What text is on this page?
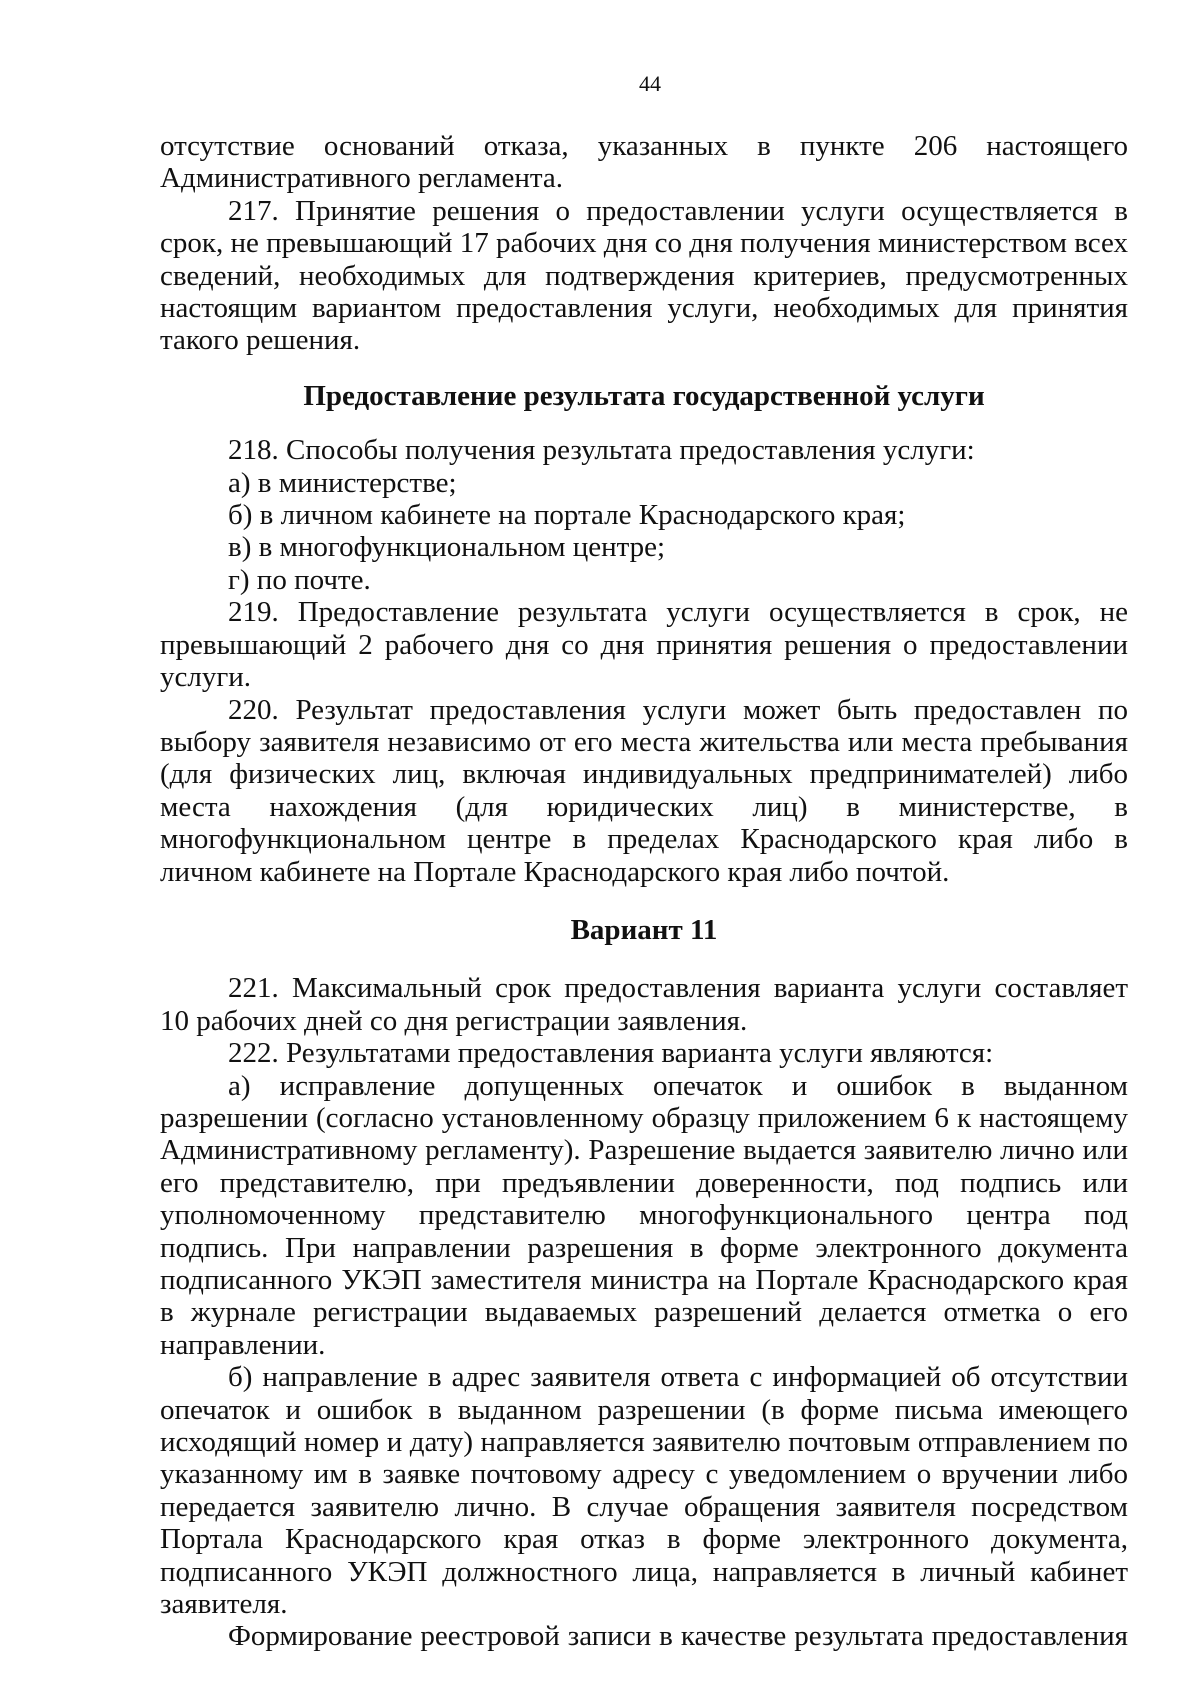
44

отсутствие оснований отказа, указанных в пункте 206 настоящего Административного регламента.

217. Принятие решения о предоставлении услуги осуществляется в срок, не превышающий 17 рабочих дня со дня получения министерством всех сведений, необходимых для подтверждения критериев, предусмотренных настоящим вариантом предоставления услуги, необходимых для принятия такого решения.

Предоставление результата государственной услуги

218. Способы получения результата предоставления услуги:

а) в министерстве;

б) в личном кабинете на портале Краснодарского края;

в) в многофункциональном центре;

г) по почте.

219. Предоставление результата услуги осуществляется в срок, не превышающий 2 рабочего дня со дня принятия решения о предоставлении услуги.

220. Результат предоставления услуги может быть предоставлен по выбору заявителя независимо от его места жительства или места пребывания (для физических лиц, включая индивидуальных предпринимателей) либо места нахождения (для юридических лиц) в министерстве, в многофункциональном центре в пределах Краснодарского края либо в личном кабинете на Портале Краснодарского края либо почтой.

Вариант 11

221. Максимальный срок предоставления варианта услуги составляет 10 рабочих дней со дня регистрации заявления.

222. Результатами предоставления варианта услуги являются:

а) исправление допущенных опечаток и ошибок в выданном разрешении (согласно установленному образцу приложением 6 к настоящему Административному регламенту). Разрешение выдается заявителю лично или его представителю, при предъявлении доверенности, под подпись или уполномоченному представителю многофункционального центра под подпись. При направлении разрешения в форме электронного документа подписанного УКЭП заместителя министра на Портале Краснодарского края в журнале регистрации выдаваемых разрешений делается отметка о его направлении.

б) направление в адрес заявителя ответа с информацией об отсутствии опечаток и ошибок в выданном разрешении (в форме письма имеющего исходящий номер и дату) направляется заявителю почтовым отправлением по указанному им в заявке почтовому адресу с уведомлением о вручении либо передается заявителю лично. В случае обращения заявителя посредством Портала Краснодарского края отказ в форме электронного документа, подписанного УКЭП должностного лица, направляется в личный кабинет заявителя.

Формирование реестровой записи в качестве результата предоставления
